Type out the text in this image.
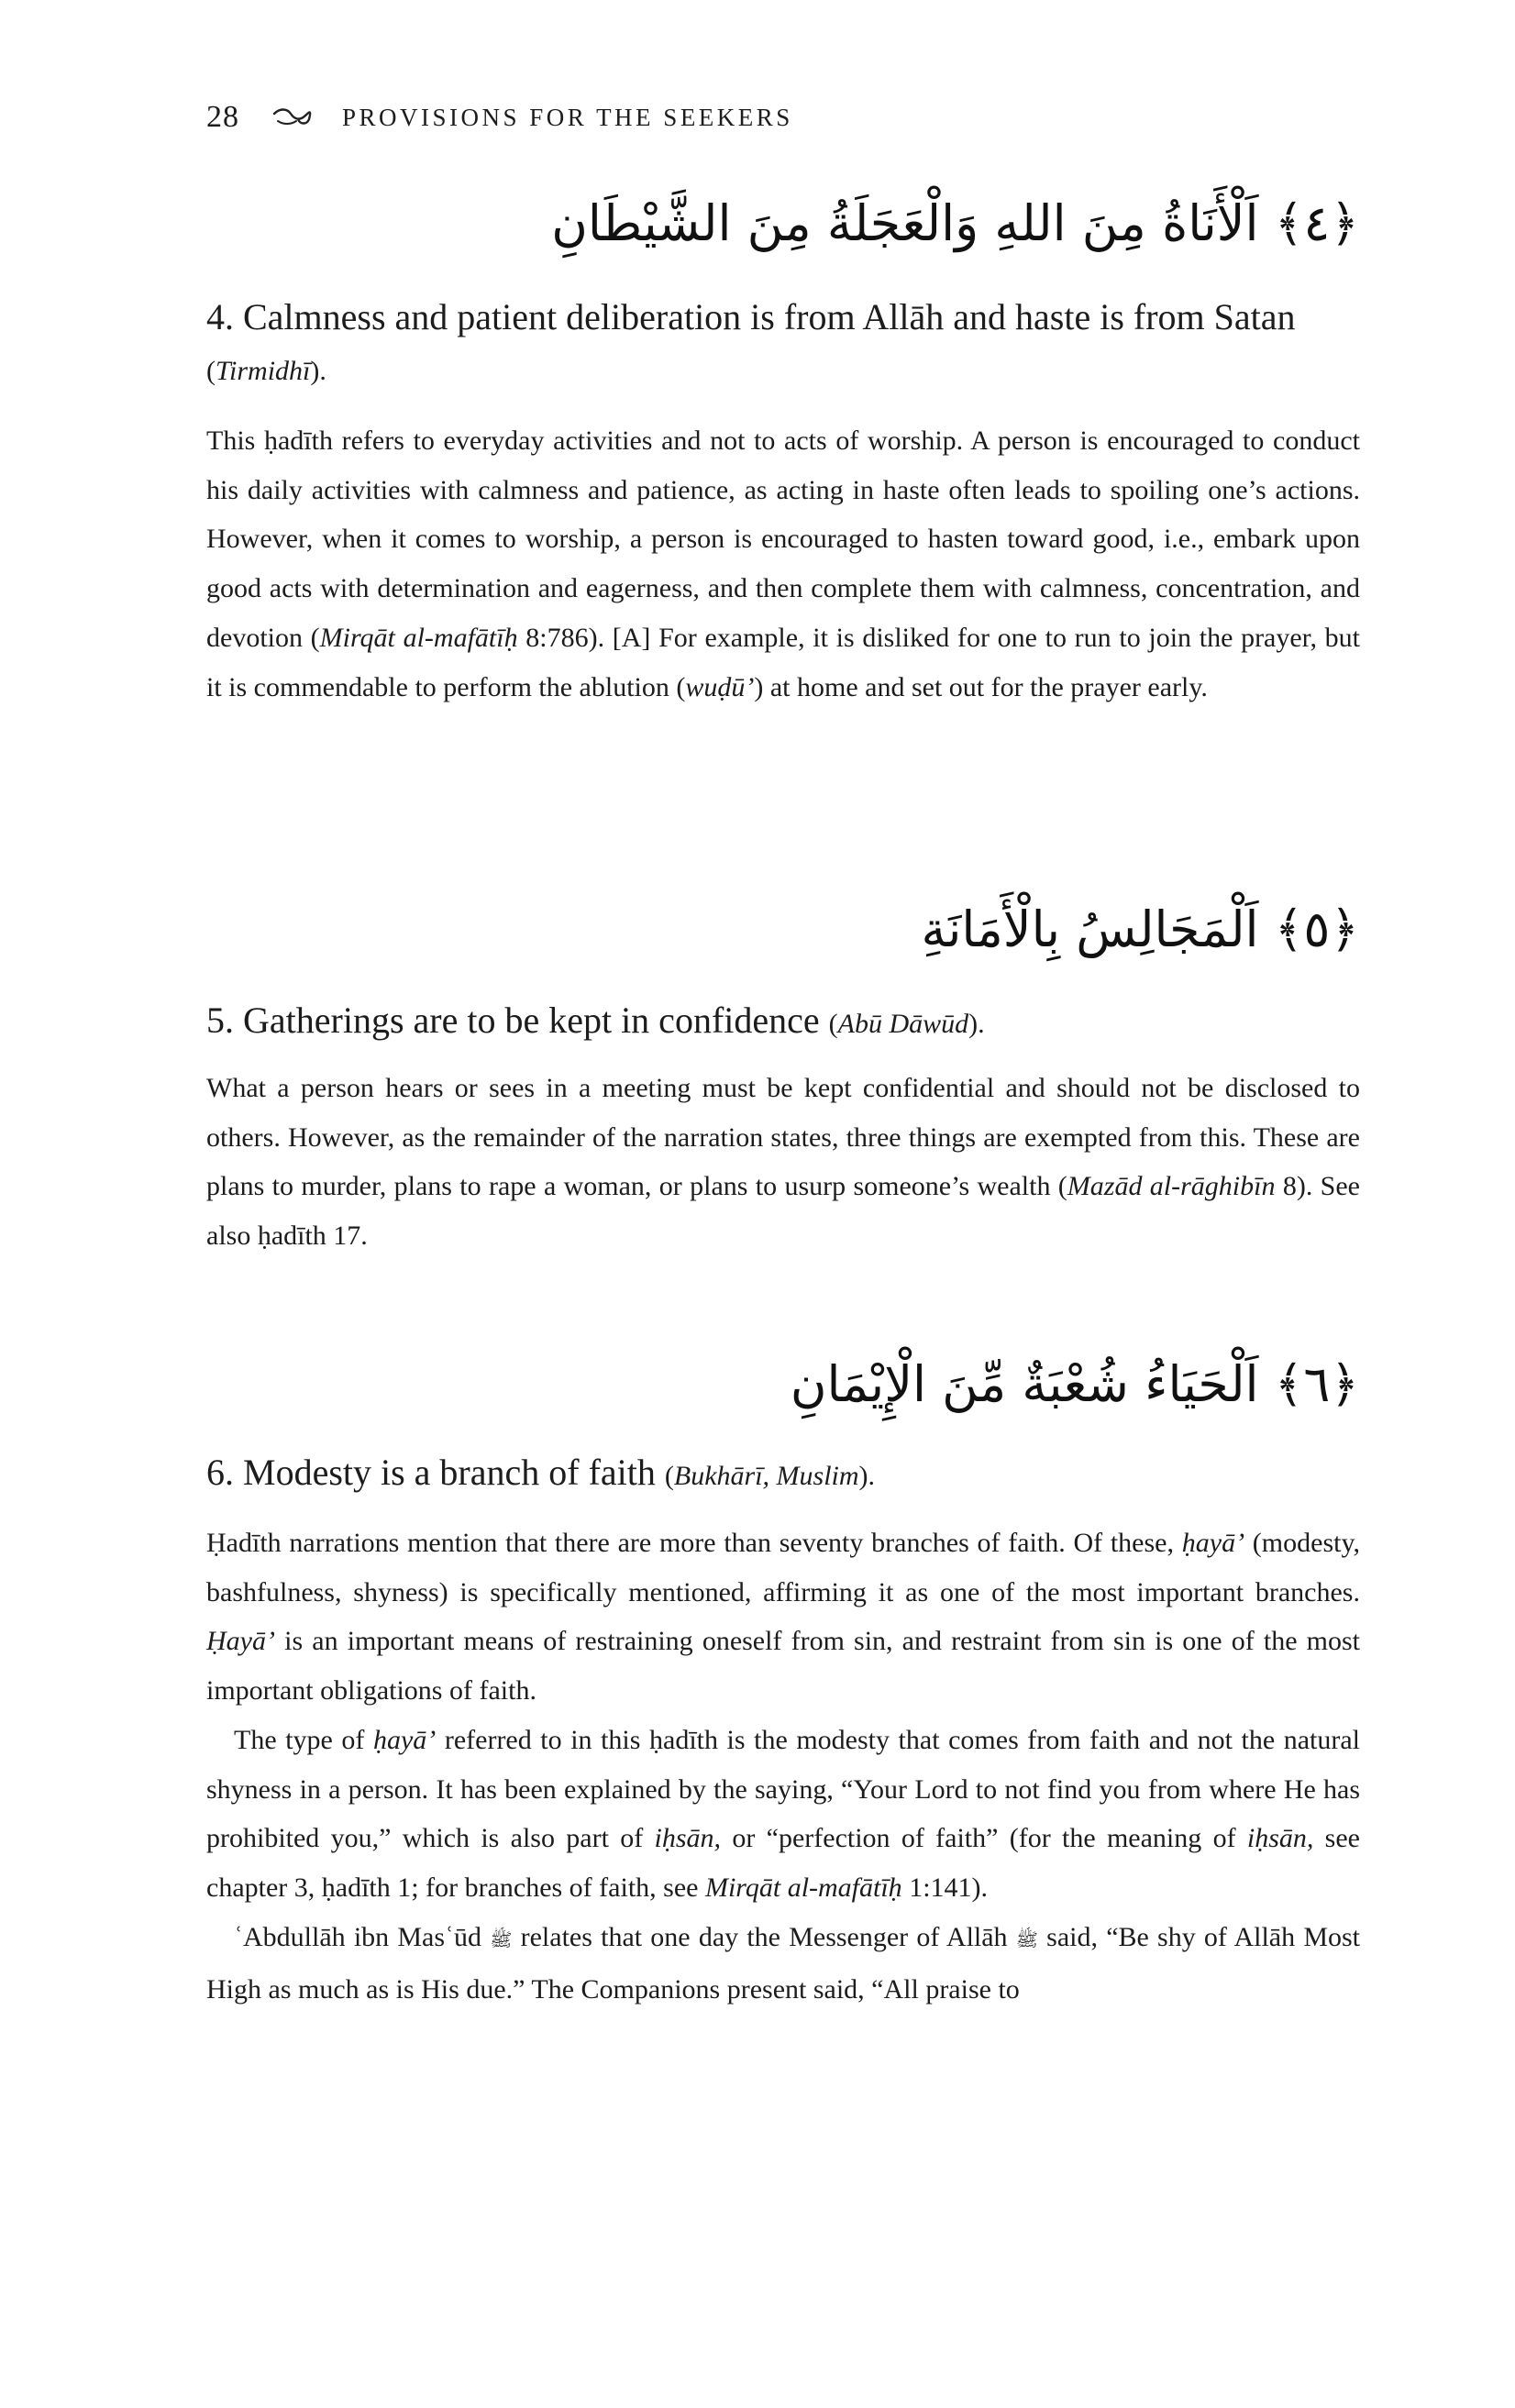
28	PROVISIONS FOR THE SEEKERS
﴿٤﴾ اَلْأَنَاةُ مِنَ اللهِ وَالْعَجَلَةُ مِنَ الشَّيْطَانِ
4. Calmness and patient deliberation is from Allāh and haste is from Satan (Tirmidhī).

This ḥadīth refers to everyday activities and not to acts of worship. A person is encouraged to conduct his daily activities with calmness and patience, as acting in haste often leads to spoiling one’s actions. However, when it comes to worship, a person is encouraged to hasten toward good, i.e., embark upon good acts with determination and eagerness, and then complete them with calmness, concentration, and devotion (Mirqāt al-mafātīḥ 8:786). [A] For example, it is disliked for one to run to join the prayer, but it is commendable to perform the ablution (wuḍū’) at home and set out for the prayer early.

﴿٥﴾ اَلْمَجَالِسُ بِالْأَمَانَةِ
5. Gatherings are to be kept in confidence (Abū Dāwūd).

What a person hears or sees in a meeting must be kept confidential and should not be disclosed to others. However, as the remainder of the narration states, three things are exempted from this. These are plans to murder, plans to rape a woman, or plans to usurp someone’s wealth (Mazād al-rāghibīn 8). See also ḥadīth 17.

﴿٦﴾ اَلْحَيَاءُ شُعْبَةٌ مِّنَ الْإِيْمَانِ
6. Modesty is a branch of faith (Bukhārī, Muslim).

Ḥadīth narrations mention that there are more than seventy branches of faith. Of these, ḥayā’ (modesty, bashfulness, shyness) is specifically mentioned, affirming it as one of the most important branches. Ḥayā’ is an important means of restraining oneself from sin, and restraint from sin is one of the most important obligations of faith.

The type of ḥayā’ referred to in this ḥadīth is the modesty that comes from faith and not the natural shyness in a person. It has been explained by the saying, “Your Lord to not find you from where He has prohibited you,” which is also part of iḥsān, or “perfection of faith” (for the meaning of iḥsān, see chapter 3, ḥadīth 1; for branches of faith, see Mirqāt al-mafātīḥ 1:141).

ʿAbdullāh ibn Masʿūd ﷺ relates that one day the Messenger of Allāh ﷺ said, “Be shy of Allāh Most High as much as is His due.” The Companions present said, “All praise to
